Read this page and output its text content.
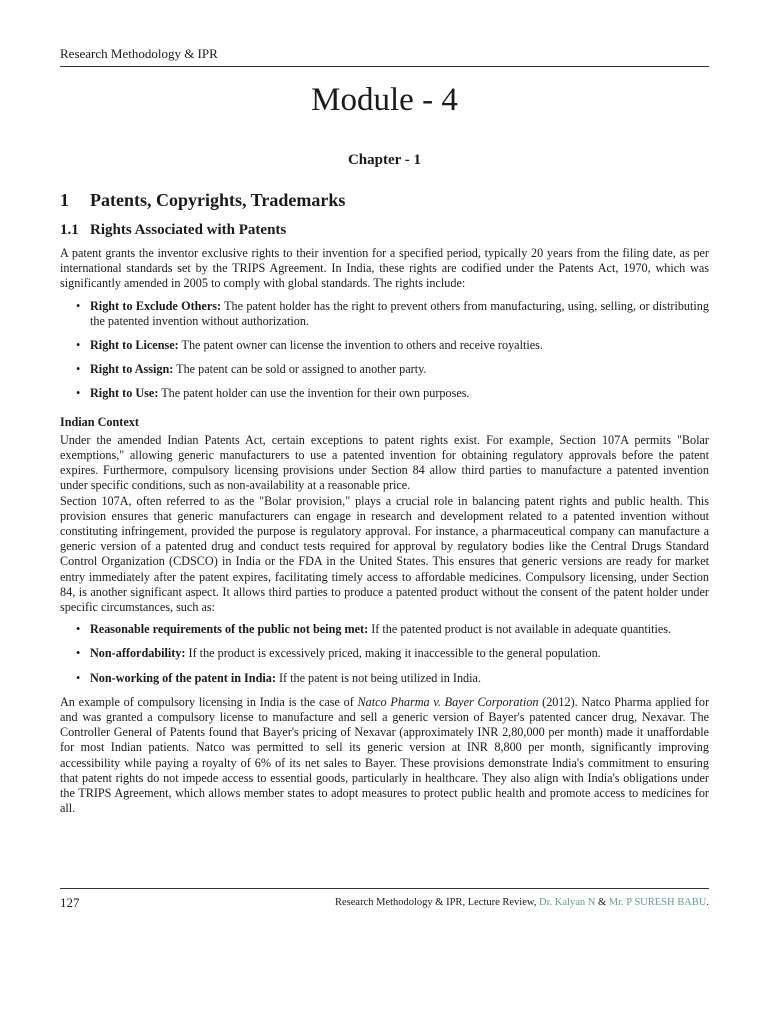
Research Methodology & IPR
Module - 4
Chapter - 1
1 Patents, Copyrights, Trademarks
1.1 Rights Associated with Patents

A patent grants the inventor exclusive rights to their invention for a specified period, typically 20 years from the filing date, as per international standards set by the TRIPS Agreement. In India, these rights are codified under the Patents Act, 1970, which was significantly amended in 2005 to comply with global standards. The rights include:

• Right to Exclude Others: The patent holder has the right to prevent others from manufacturing, using, selling, or distributing the patented invention without authorization.
• Right to License: The patent owner can license the invention to others and receive royalties.
• Right to Assign: The patent can be sold or assigned to another party.
• Right to Use: The patent holder can use the invention for their own purposes.
Indian Context

Under the amended Indian Patents Act, certain exceptions to patent rights exist. For example, Section 107A permits "Bolar exemptions," allowing generic manufacturers to use a patented invention for obtaining regulatory approvals before the patent expires. Furthermore, compulsory licensing provisions under Section 84 allow third parties to manufacture a patented invention under specific conditions, such as non-availability at a reasonable price.

Section 107A, often referred to as the "Bolar provision," plays a crucial role in balancing patent rights and public health. This provision ensures that generic manufacturers can engage in research and development related to a patented invention without constituting infringement, provided the purpose is regulatory approval. For instance, a pharmaceutical company can manufacture a generic version of a patented drug and conduct tests required for approval by regulatory bodies like the Central Drugs Standard Control Organization (CDSCO) in India or the FDA in the United States. This ensures that generic versions are ready for market entry immediately after the patent expires, facilitating timely access to affordable medicines. Compulsory licensing, under Section 84, is another significant aspect. It allows third parties to produce a patented product without the consent of the patent holder under specific circumstances, such as:

• Reasonable requirements of the public not being met: If the patented product is not available in adequate quantities.
• Non-affordability: If the product is excessively priced, making it inaccessible to the general population.
• Non-working of the patent in India: If the patent is not being utilized in India.

An example of compulsory licensing in India is the case of Natco Pharma v. Bayer Corporation (2012). Natco Pharma applied for and was granted a compulsory license to manufacture and sell a generic version of Bayer's patented cancer drug, Nexavar. The Controller General of Patents found that Bayer's pricing of Nexavar (approximately INR 2,80,000 per month) made it unaffordable for most Indian patients. Natco was permitted to sell its generic version at INR 8,800 per month, significantly improving accessibility while paying a royalty of 6% of its net sales to Bayer. These provisions demonstrate India's commitment to ensuring that patent rights do not impede access to essential goods, particularly in healthcare. They also align with India's obligations under the TRIPS Agreement, which allows member states to adopt measures to protect public health and promote access to medicines for all.

127	Research Methodology & IPR, Lecture Review, Dr. Kalyan N & Mr. P SURESH BABU.
